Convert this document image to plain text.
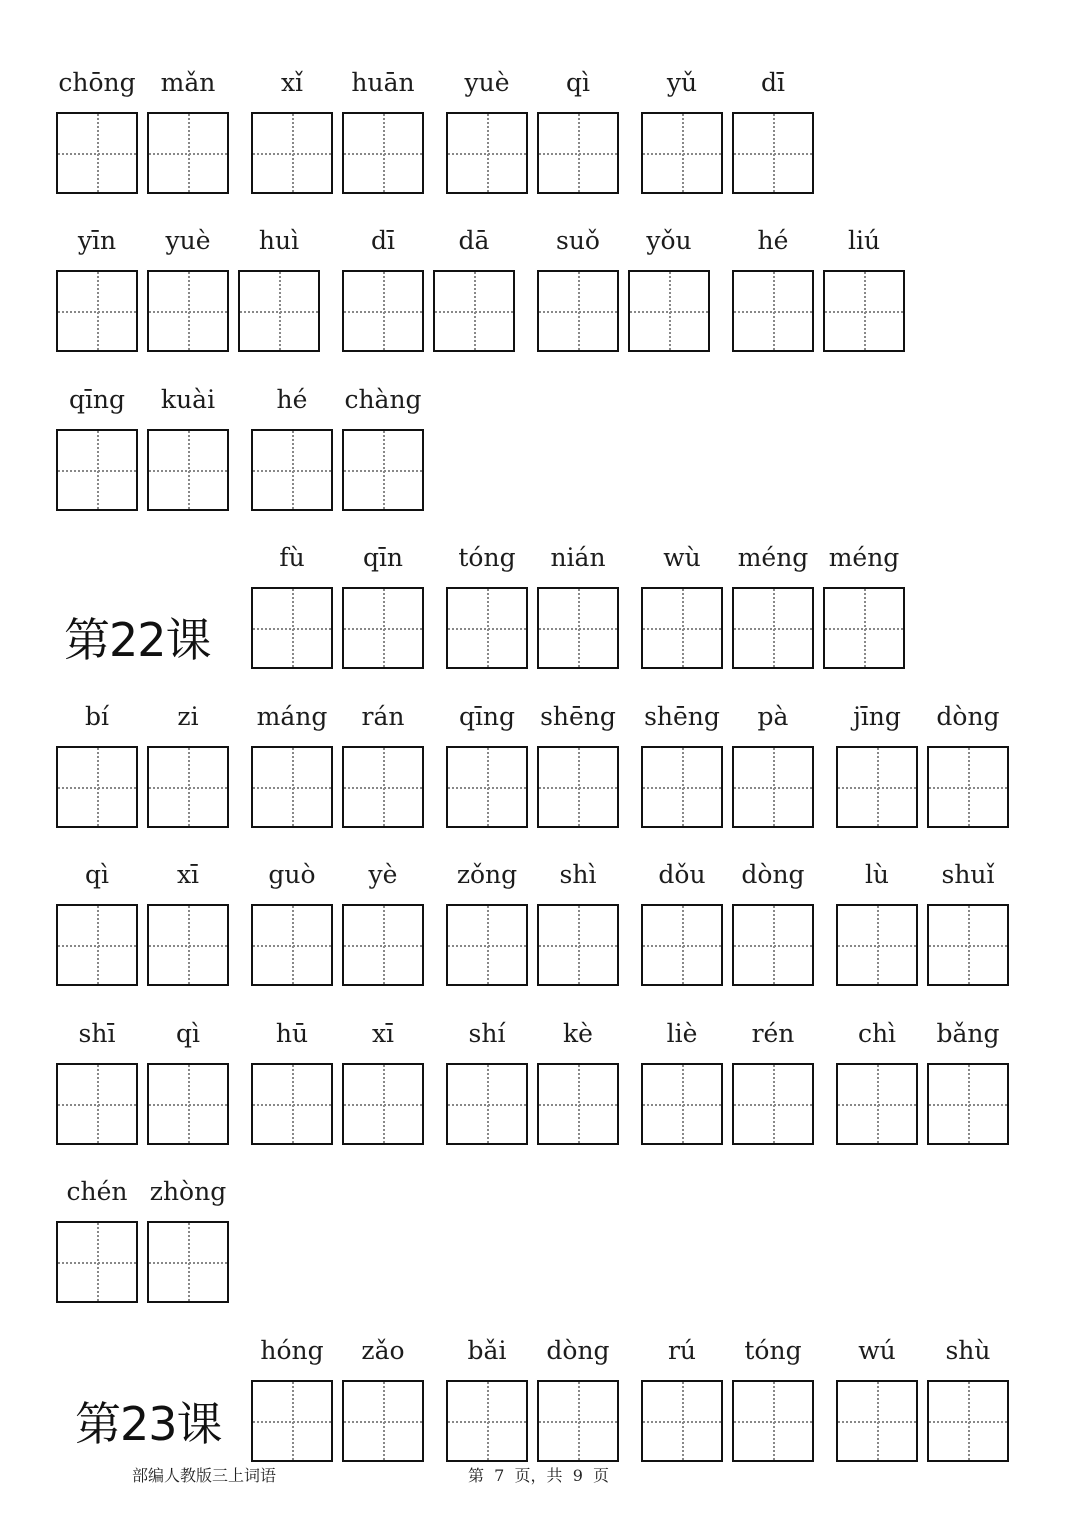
chōng	mǎn	xǐ	huān	yuè	qì	yǔ	dī
yīn	yuè	huì	dī	dā	suǒ	yǒu	hé	liú
qīng	kuài	hé	chàng
fù	qīn	tóng	nián	wù	méng méng
bí	zi	máng	rán	qīng	shēng shēng	pà	jīng	dòng
qì	xī	guò	yè	zǒng	shì	dǒu	dòng	lù	shuǐ
shī	qì	hū	xī	shí	kè	liè	rén	chì	bǎng
chén zhòng
hóng	zǎo	bǎi	dòng	rú	tóng	wú	shù
第22课
第23课
部编人教版三上词语	第  7  页，共  9  页
